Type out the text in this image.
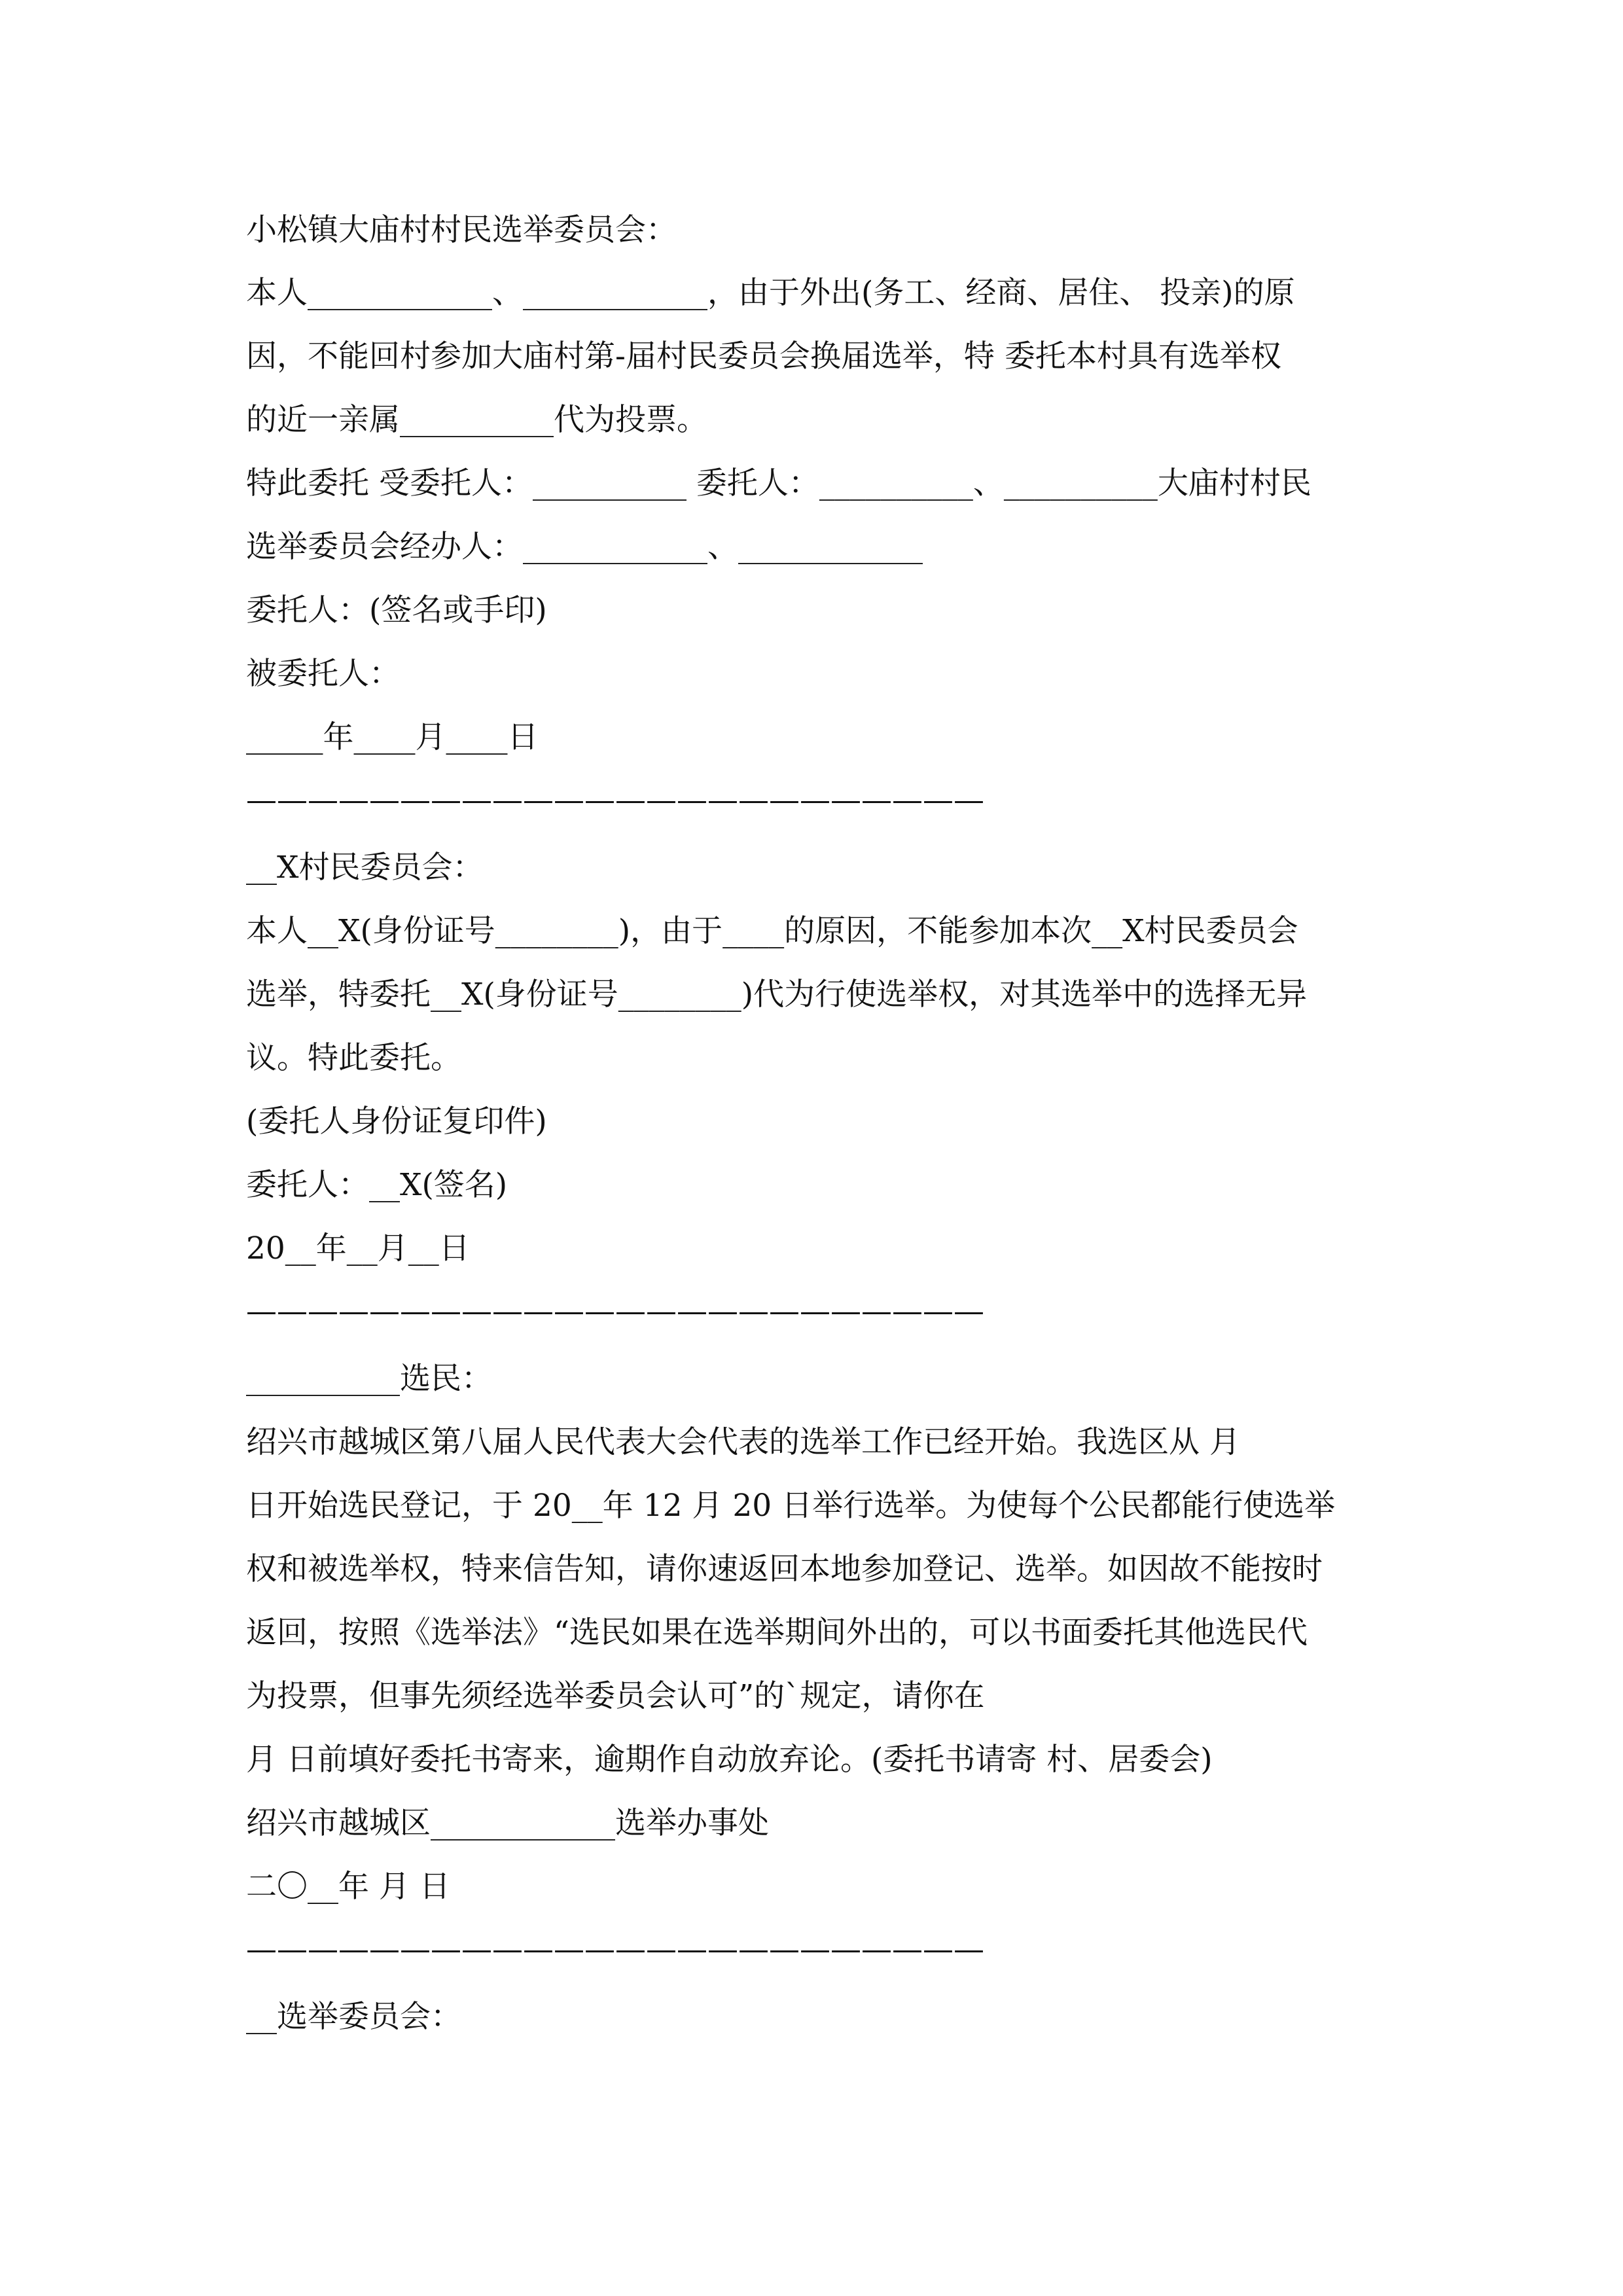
小松镇大庙村村民选举委员会：
本人____________、____________，由于外出(务工、经商、居住、 投亲)的原
因，不能回村参加大庙村第-届村民委员会换届选举，特 委托本村具有选举权
的近一亲属__________代为投票。
特此委托 受委托人：__________ 委托人：__________、__________大庙村村民
选举委员会经办人：____________、____________
委托人：(签名或手印)
被委托人：
_____年____月____日
————————————————————————
__X村民委员会：
本人__X(身份证号________)，由于____的原因，不能参加本次__X村民委员会
选举，特委托__X(身份证号________)代为行使选举权，对其选举中的选择无异
议。特此委托。
(委托人身份证复印件)
委托人：__X(签名)
20__年__月__日
————————————————————————
__________选民：
绍兴市越城区第八届人民代表大会代表的选举工作已经开始。我选区从 月
日开始选民登记，于 20__年 12 月 20 日举行选举。为使每个公民都能行使选举
权和被选举权，特来信告知，请你速返回本地参加登记、选举。如因故不能按时
返回，按照《选举法》“选民如果在选举期间外出的，可以书面委托其他选民代
为投票，但事先须经选举委员会认可”的`规定，请你在
月 日前填好委托书寄来，逾期作自动放弃论。(委托书请寄 村、居委会)
绍兴市越城区____________选举办事处
二〇__年 月 日
————————————————————————
__选举委员会：
